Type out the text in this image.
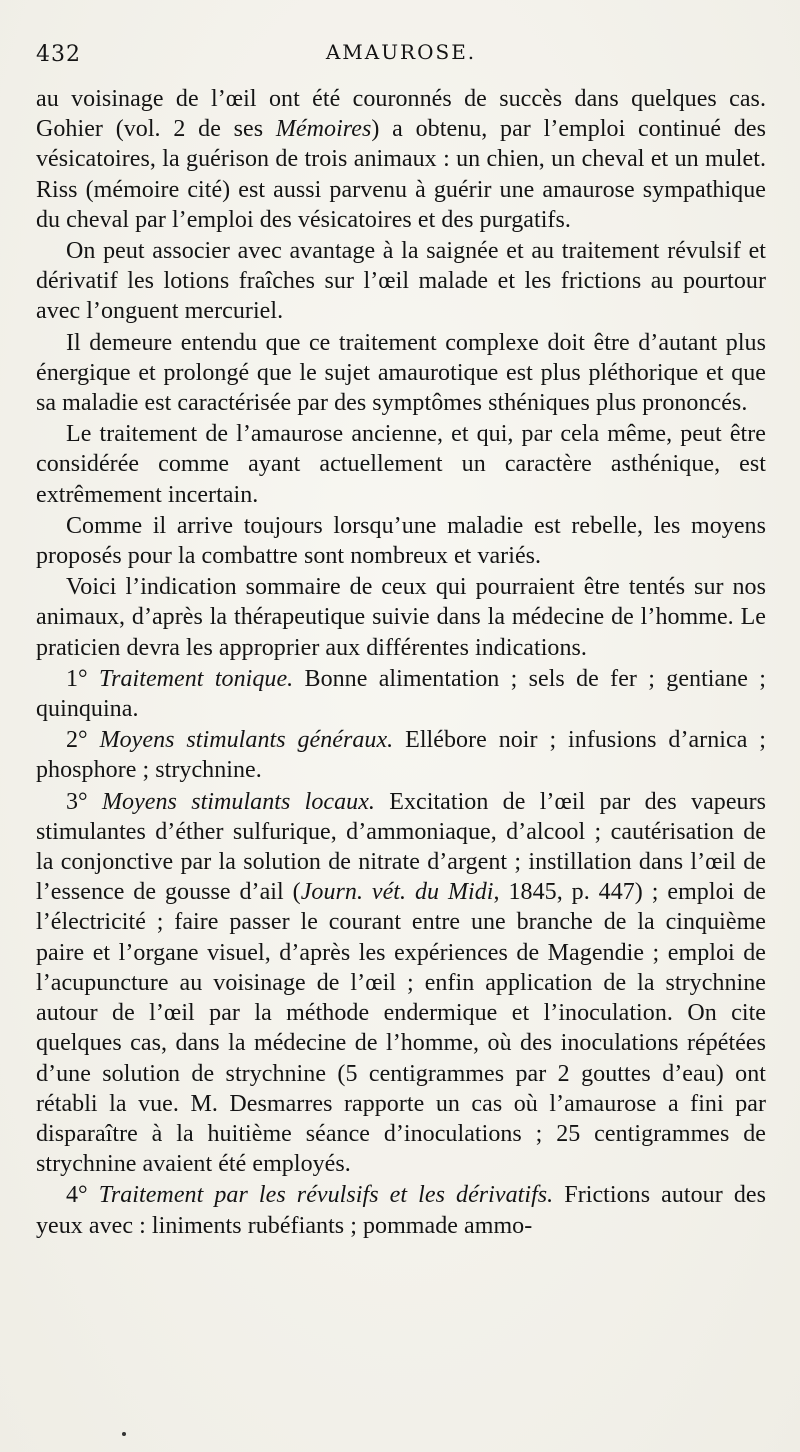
432	AMAUROSE.

au voisinage de l’œil ont été couronnés de succès dans quelques cas. Gohier (vol. 2 de ses Mémoires) a obtenu, par l’emploi continué des vésicatoires, la guérison de trois animaux : un chien, un cheval et un mulet. Riss (mémoire cité) est aussi parvenu à guérir une amaurose sympathique du cheval par l’emploi des vésicatoires et des purgatifs.

On peut associer avec avantage à la saignée et au traitement révulsif et dérivatif les lotions fraîches sur l’œil malade et les frictions au pourtour avec l’onguent mercuriel.

Il demeure entendu que ce traitement complexe doit être d’autant plus énergique et prolongé que le sujet amaurotique est plus pléthorique et que sa maladie est caractérisée par des symptômes sthéniques plus prononcés.

Le traitement de l’amaurose ancienne, et qui, par cela même, peut être considérée comme ayant actuellement un caractère asthénique, est extrêmement incertain.

Comme il arrive toujours lorsqu’une maladie est rebelle, les moyens proposés pour la combattre sont nombreux et variés.

Voici l’indication sommaire de ceux qui pourraient être tentés sur nos animaux, d’après la thérapeutique suivie dans la médecine de l’homme. Le praticien devra les approprier aux différentes indications.

1° Traitement tonique. Bonne alimentation ; sels de fer ; gentiane ; quinquina.

2° Moyens stimulants généraux. Ellébore noir ; infusions d’arnica ; phosphore ; strychnine.

3° Moyens stimulants locaux. Excitation de l’œil par des vapeurs stimulantes d’éther sulfurique, d’ammoniaque, d’alcool ; cautérisation de la conjonctive par la solution de nitrate d’argent ; instillation dans l’œil de l’essence de gousse d’ail (Journ. vét. du Midi, 1845, p. 447) ; emploi de l’électricité ; faire passer le courant entre une branche de la cinquième paire et l’organe visuel, d’après les expériences de Magendie ; emploi de l’acupuncture au voisinage de l’œil ; enfin application de la strychnine autour de l’œil par la méthode endermique et l’inoculation. On cite quelques cas, dans la médecine de l’homme, où des inoculations répétées d’une solution de strychnine (5 centigrammes par 2 gouttes d’eau) ont rétabli la vue. M. Desmarres rapporte un cas où l’amaurose a fini par disparaître à la huitième séance d’inoculations ; 25 centigrammes de strychnine avaient été employés.

4° Traitement par les révulsifs et les dérivatifs. Frictions autour des yeux avec : liniments rubéfiants ; pommade ammo-
